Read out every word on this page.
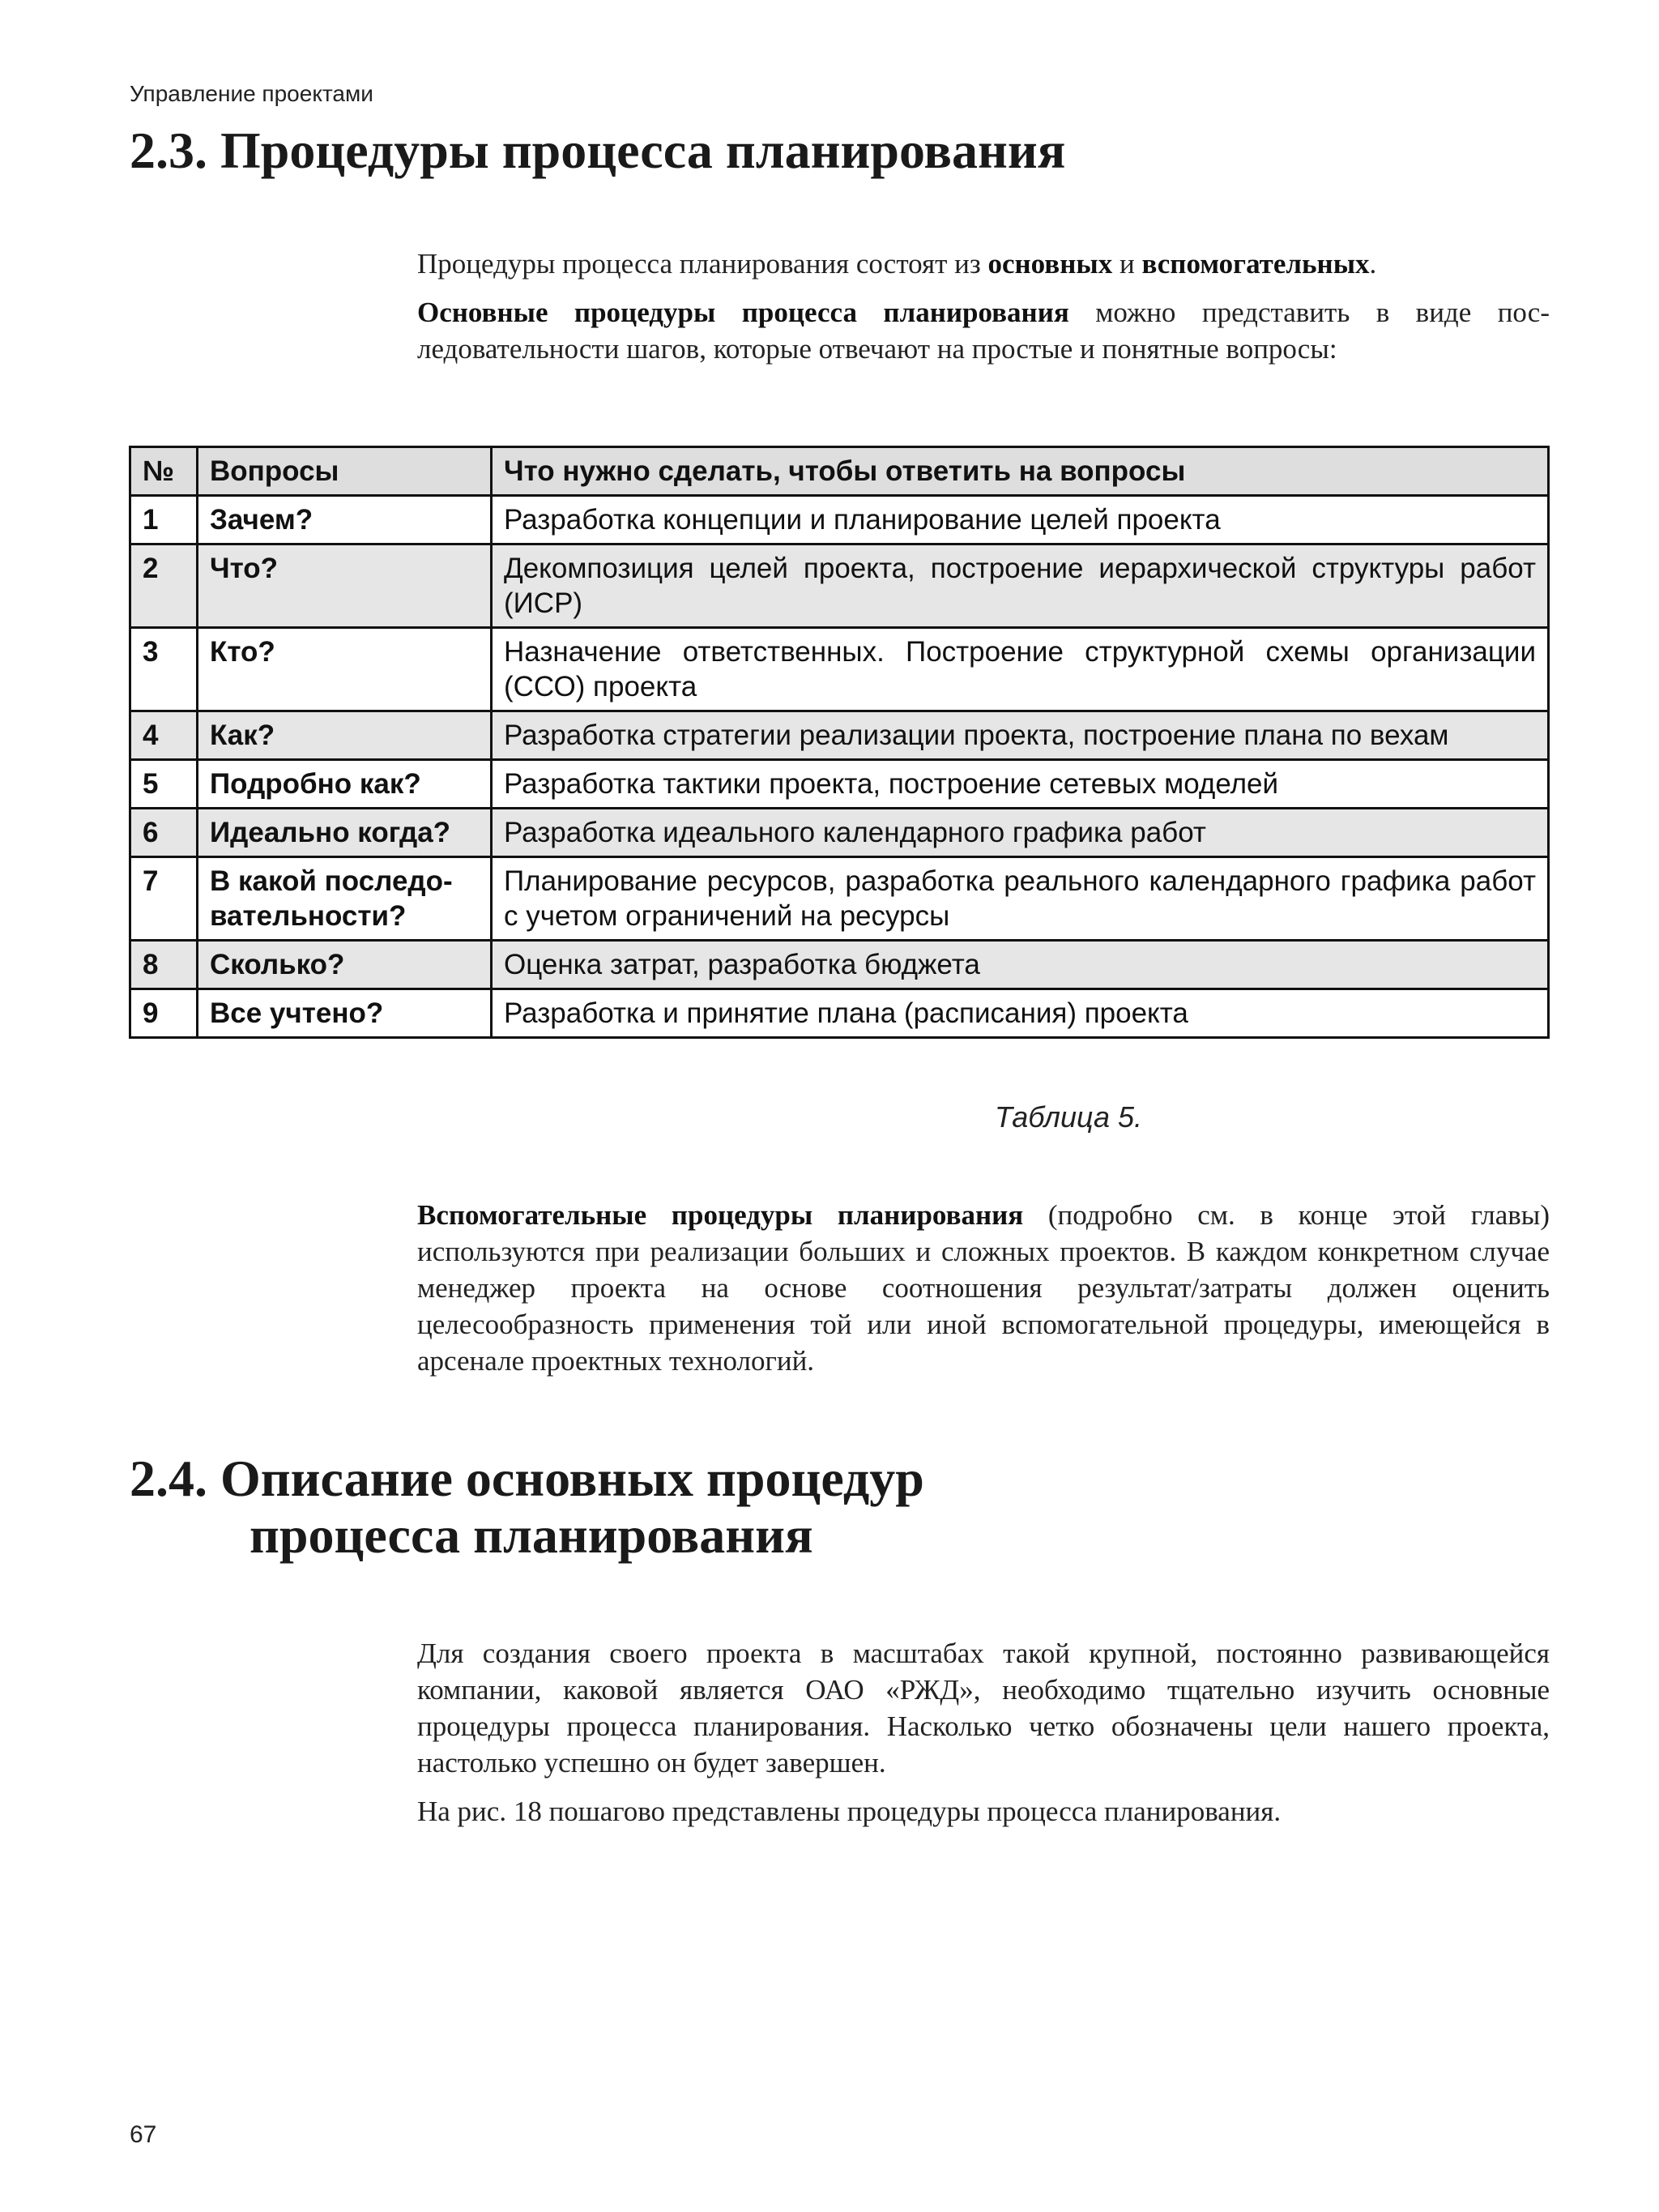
Управление проектами
2.3. Процедуры процесса планирования

Процедуры процесса планирования состоят из основных и вспомогательных.

Основные процедуры процесса планирования можно представить в виде последовательности шагов, которые отвечают на простые и понятные вопросы:

№	Вопросы	Что нужно сделать, чтобы ответить на вопросы
1	Зачем?	Разработка концепции и планирование целей проекта
2	Что?	Декомпозиция целей проекта, построение иерархической структуры работ (ИСР)
3	Кто?	Назначение ответственных. Построение структурной схемы организации (ССО) проекта
4	Как?	Разработка стратегии реализации проекта, построение плана по вехам
5	Подробно как?	Разработка тактики проекта, построение сетевых моделей
6	Идеально когда?	Разработка идеального календарного графика работ
7	В какой последовательности?	Планирование ресурсов, разработка реального календарного графика работ с учетом ограничений на ресурсы
8	Сколько?	Оценка затрат, разработка бюджета
9	Все учтено?	Разработка и принятие плана (расписания) проекта
Таблица 5.

Вспомогательные процедуры планирования (подробно см. в конце этой главы) используются при реализации больших и сложных проектов. В каждом конкретном случае менеджер проекта на основе соотношения результат/затраты должен оценить целесообразность применения той или иной вспомогательной процедуры, имеющейся в арсенале проектных технологий.

2.4. Описание основных процедур
процесса планирования

Для создания своего проекта в масштабах такой крупной, постоянно развивающейся компании, каковой является ОАО «РЖД», необходимо тщательно изучить основные процедуры процесса планирования. Насколько четко обозначены цели нашего проекта, настолько успешно он будет завершен.

На рис. 18 пошагово представлены процедуры процесса планирования.

67
